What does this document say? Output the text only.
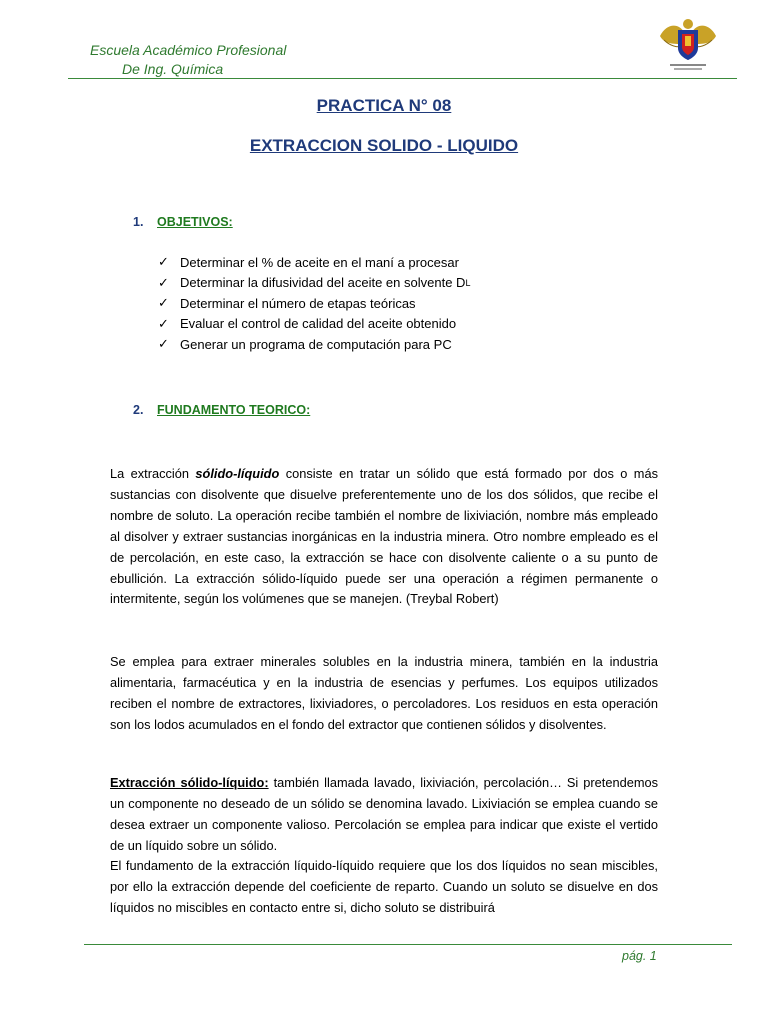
Escuela Académico Profesional
De Ing. Química
PRACTICA N° 08
EXTRACCION SOLIDO - LIQUIDO
1. OBJETIVOS:
✓ Determinar el % de aceite en el maní a procesar
✓ Determinar la difusividad del aceite en solvente D L
✓ Determinar el número de etapas teóricas
✓ Evaluar el control de calidad del aceite obtenido
✓ Generar un programa de computación para PC
2. FUNDAMENTO TEORICO:

La extracción sólido-líquido consiste en tratar un sólido que está formado por dos o más sustancias con disolvente que disuelve preferentemente uno de los dos sólidos, que recibe el nombre de soluto. La operación recibe también el nombre de lixiviación, nombre más empleado al disolver y extraer sustancias inorgánicas en la industria minera. Otro nombre empleado es el de percolación, en este caso, la extracción se hace con disolvente caliente o a su punto de ebullición. La extracción sólido-líquido puede ser una operación a régimen permanente o intermitente, según los volúmenes que se manejen. (Treybal Robert)

Se emplea para extraer minerales solubles en la industria minera, también en la industria alimentaria, farmacéutica y en la industria de esencias y perfumes. Los equipos utilizados reciben el nombre de extractores, lixiviadores, o percoladores. Los residuos en esta operación son los lodos acumulados en el fondo del extractor que contienen sólidos y disolventes.

Extracción sólido-líquido: también llamada lavado, lixiviación, percolación… Si pretendemos un componente no deseado de un sólido se denomina lavado. Lixiviación se emplea cuando se desea extraer un componente valioso. Percolación se emplea para indicar que existe el vertido de un líquido sobre un sólido.

El fundamento de la extracción líquido-líquido requiere que los dos líquidos no sean miscibles, por ello la extracción depende del coeficiente de reparto. Cuando un soluto se disuelve en dos líquidos no miscibles en contacto entre si, dicho soluto se distribuirá

pág. 1
